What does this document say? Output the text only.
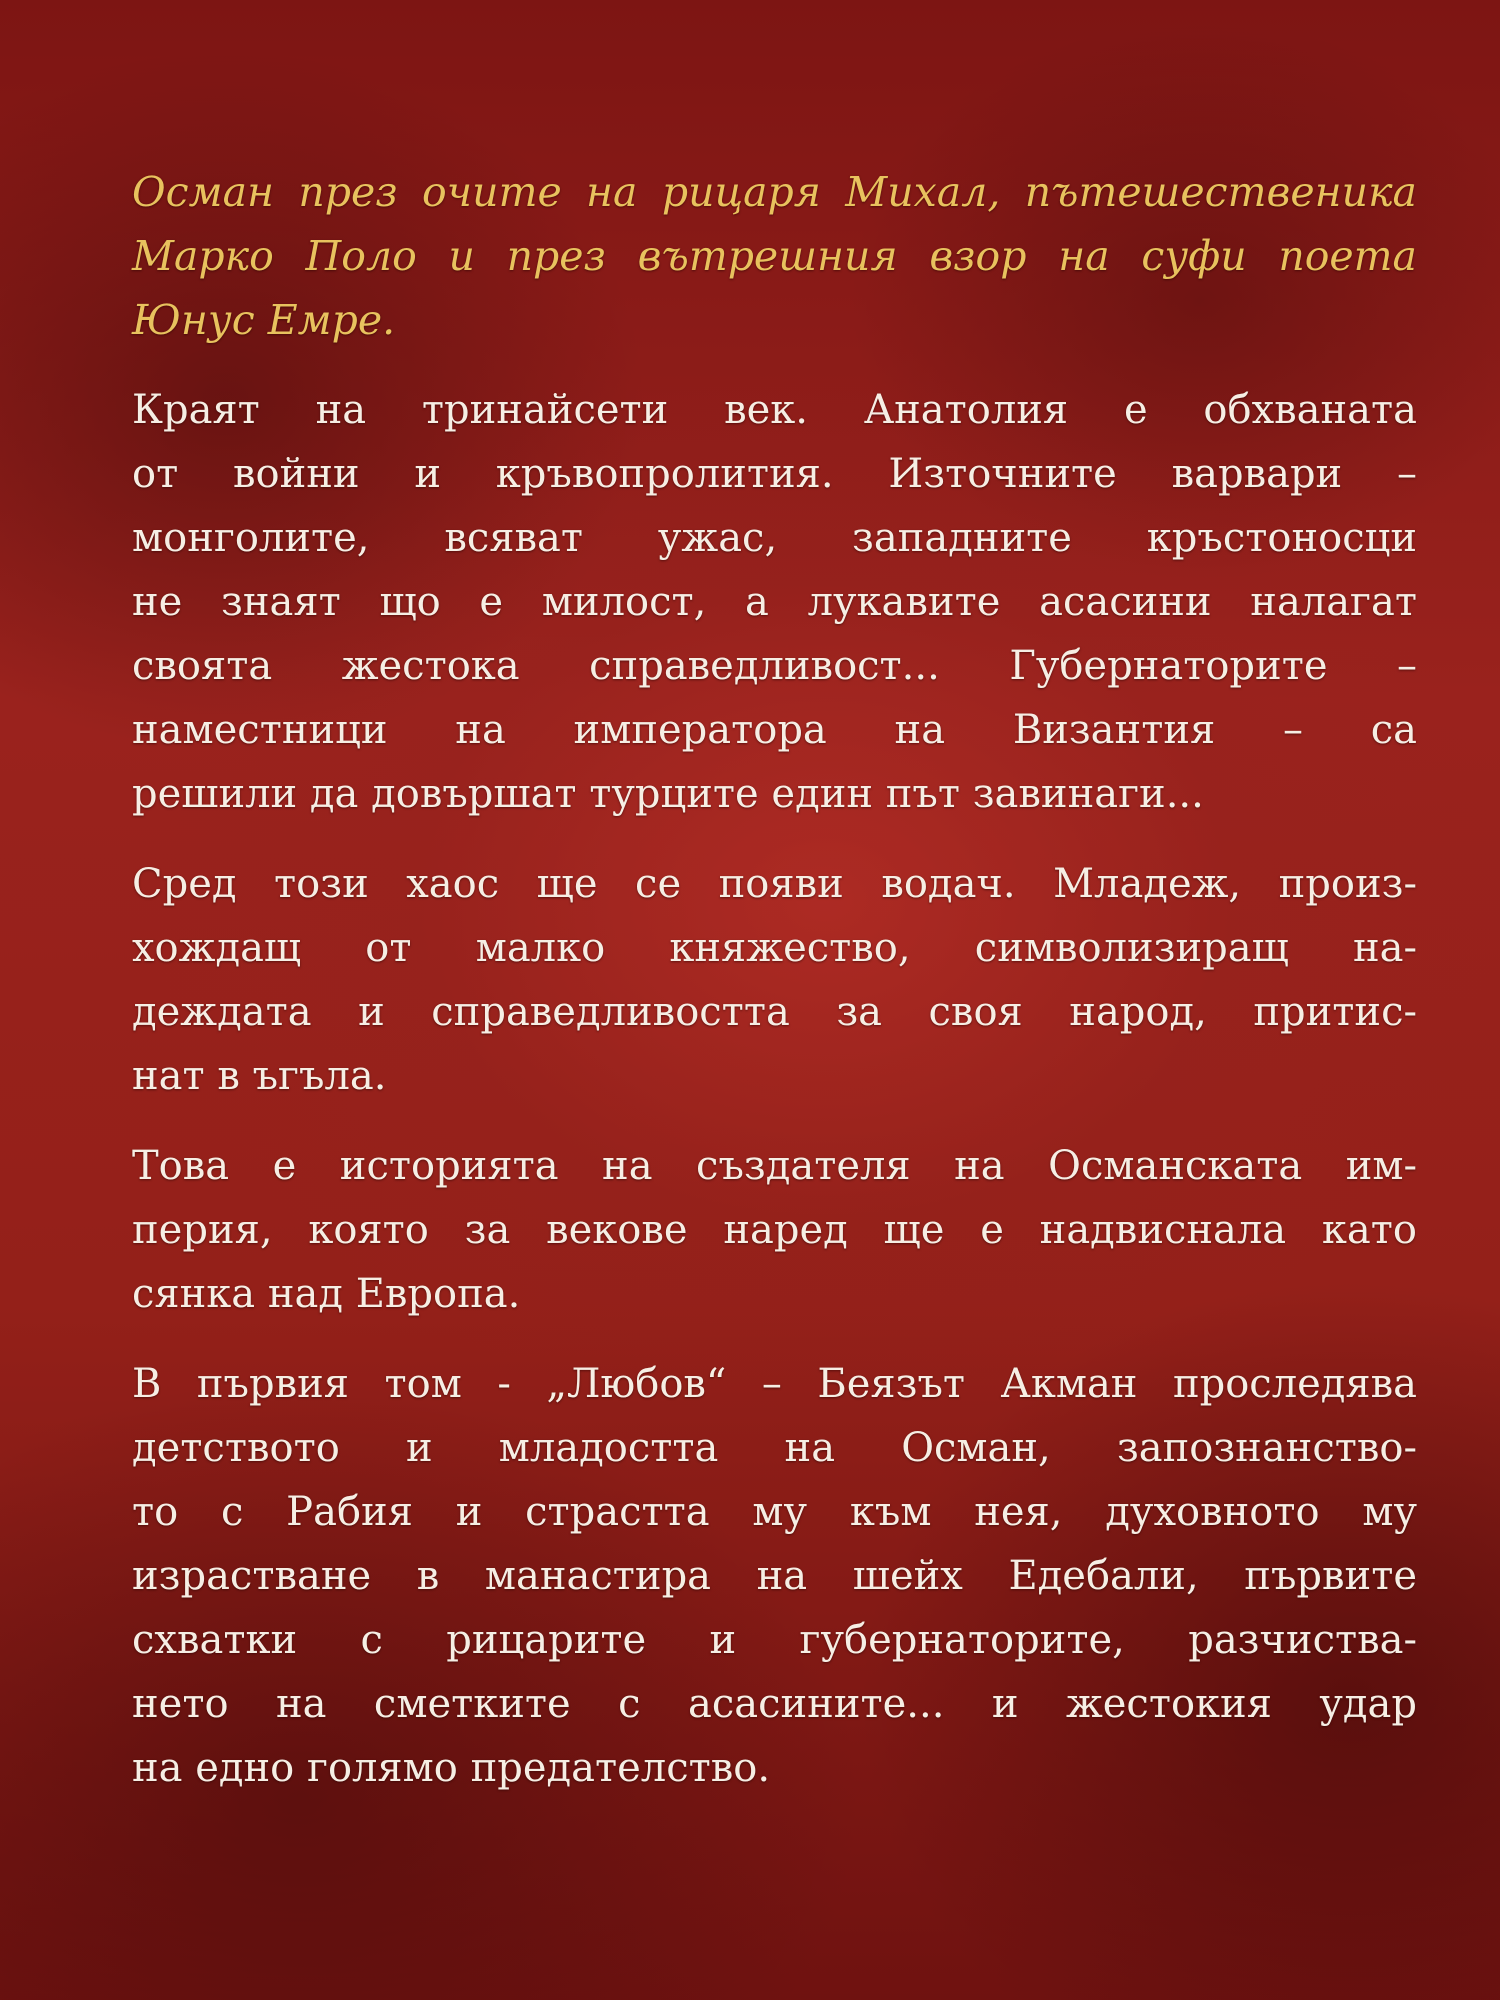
Осман през очите на рицаря Михал, пътешественика
Марко Поло и през вътрешния взор на суфи поета
Юнус Емре.

Краят на тринайсети век. Анатолия е обхваната
от войни и кръвопролития. Източните варвари –
монголите, всяват ужас, западните кръстоносци
не знаят що е милост, а лукавите асасини налагат
своята жестока справедливост... Губернаторите –
наместници на императора на Византия – са
решили да довършат турците един път завинаги...

Сред този хаос ще се появи водач. Младеж, произ-
хождащ от малко княжество, символизиращ на-
деждата и справедливостта за своя народ, притис-
нат в ъгъла.

Това е историята на създателя на Османската им-
перия, която за векове наред ще е надвиснала като
сянка над Европа.

В първия том - „Любов“ – Беязът Акман проследява
детството и младостта на Осман, запознанство-
то с Рабия и страстта му към нея, духовното му
израстване в манастира на шейх Едебали, първите
схватки с рицарите и губернаторите, разчиства-
нето на сметките с асасините... и жестокия удар
на едно голямо предателство.
